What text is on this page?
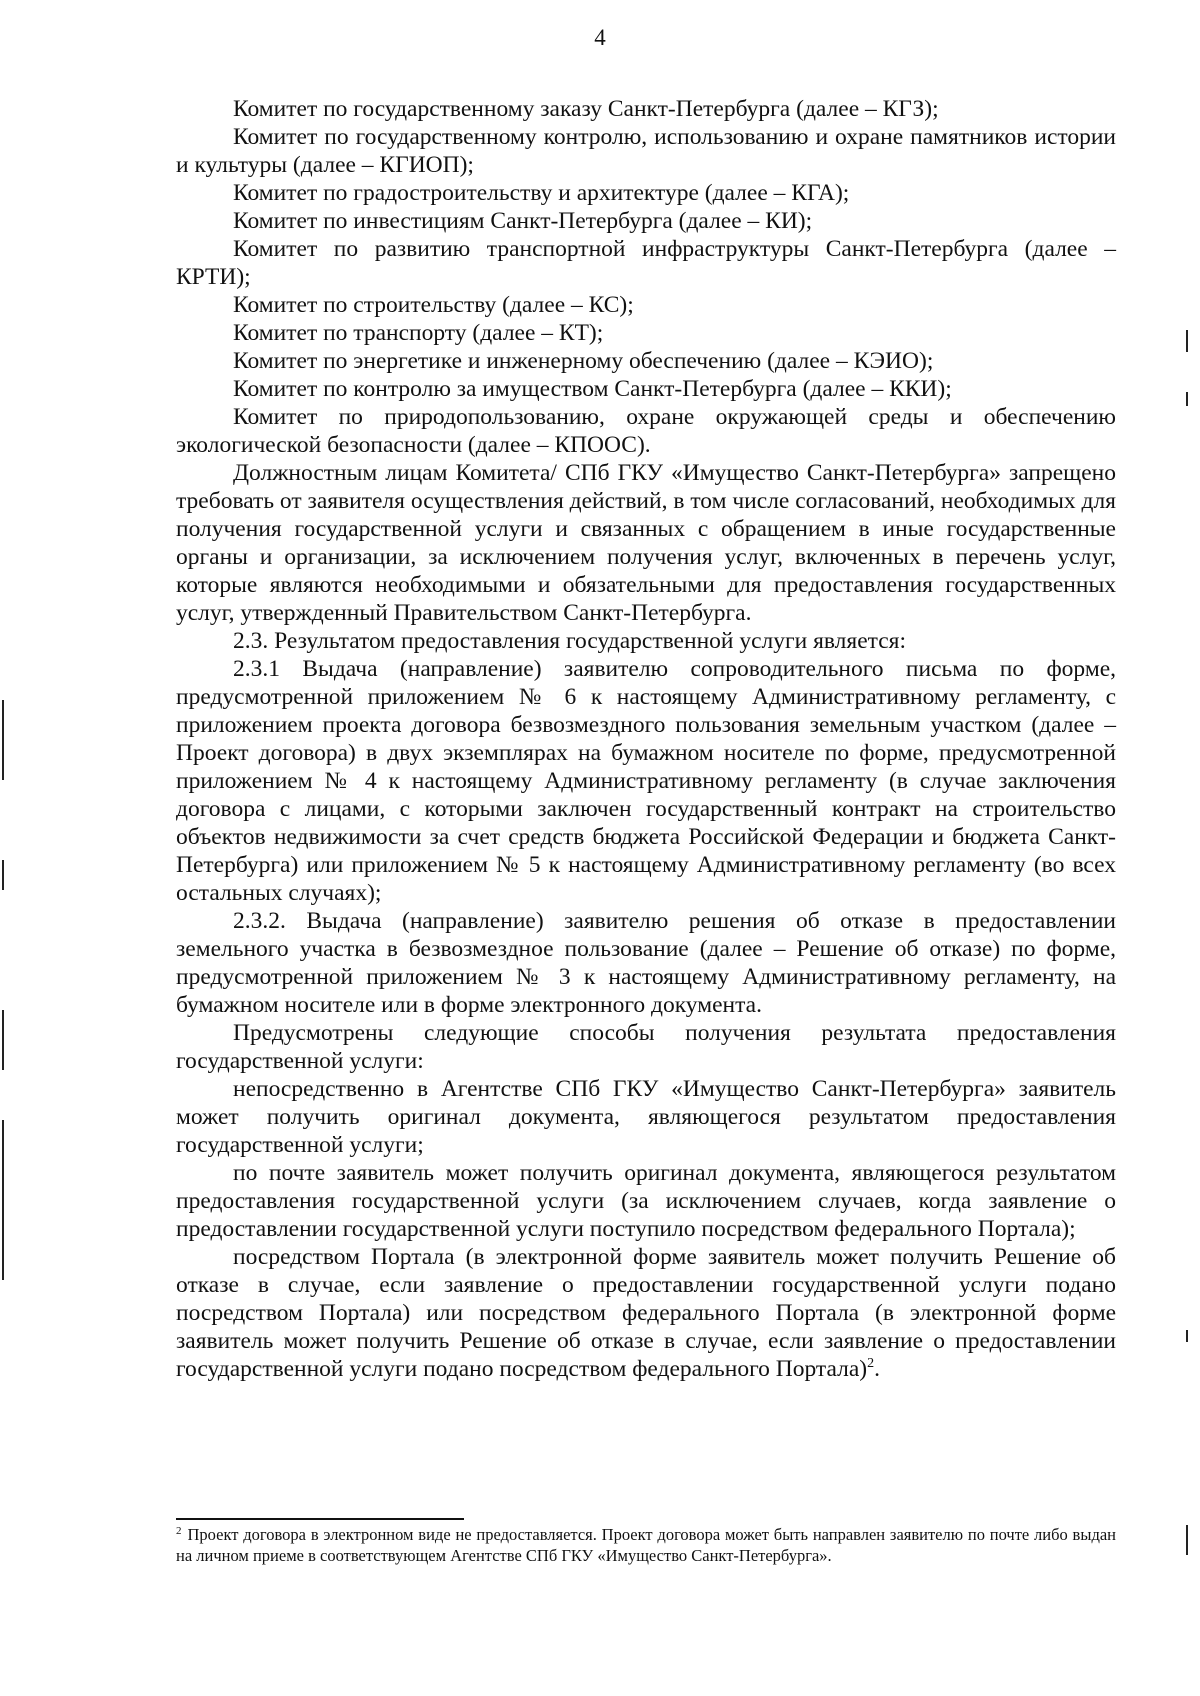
4

Комитет по государственному заказу Санкт-Петербурга (далее – КГЗ);

Комитет по государственному контролю, использованию и охране памятников истории и культуры (далее – КГИОП);

Комитет по градостроительству и архитектуре (далее – КГА);

Комитет по инвестициям Санкт-Петербурга (далее – КИ);

Комитет по развитию транспортной инфраструктуры Санкт-Петербурга (далее – КРТИ);

Комитет по строительству (далее – КС);

Комитет по транспорту (далее – КТ);

Комитет по энергетике и инженерному обеспечению (далее – КЭИО);

Комитет по контролю за имуществом Санкт-Петербурга (далее – ККИ);

Комитет по природопользованию, охране окружающей среды и обеспечению экологической безопасности (далее – КПООС).

Должностным лицам Комитета/ СПб ГКУ «Имущество Санкт-Петербурга» запрещено требовать от заявителя осуществления действий, в том числе согласований, необходимых для получения государственной услуги и связанных с обращением в иные государственные органы и организации, за исключением получения услуг, включенных в перечень услуг, которые являются необходимыми и обязательными для предоставления государственных услуг, утвержденный Правительством Санкт-Петербурга.

2.3. Результатом предоставления государственной услуги является:

2.3.1 Выдача (направление) заявителю сопроводительного письма по форме, предусмотренной приложением № 6 к настоящему Административному регламенту, с приложением проекта договора безвозмездного пользования земельным участком (далее – Проект договора) в двух экземплярах на бумажном носителе по форме, предусмотренной приложением № 4 к настоящему Административному регламенту (в случае заключения договора с лицами, с которыми заключен государственный контракт на строительство объектов недвижимости за счет средств бюджета Российской Федерации и бюджета Санкт-Петербурга) или приложением № 5 к настоящему Административному регламенту (во всех остальных случаях);

2.3.2. Выдача (направление) заявителю решения об отказе в предоставлении земельного участка в безвозмездное пользование (далее – Решение об отказе) по форме, предусмотренной приложением № 3 к настоящему Административному регламенту, на бумажном носителе или в форме электронного документа.

Предусмотрены следующие способы получения результата предоставления государственной услуги:

непосредственно в Агентстве СПб ГКУ «Имущество Санкт-Петербурга» заявитель может получить оригинал документа, являющегося результатом предоставления государственной услуги;

по почте заявитель может получить оригинал документа, являющегося результатом предоставления государственной услуги (за исключением случаев, когда заявление о предоставлении государственной услуги поступило посредством федерального Портала);

посредством Портала (в электронной форме заявитель может получить Решение об отказе в случае, если заявление о предоставлении государственной услуги подано посредством Портала) или посредством федерального Портала (в электронной форме заявитель может получить Решение об отказе в случае, если заявление о предоставлении государственной услуги подано посредством федерального Портала)$^2$.

$^2$ Проект договора в электронном виде не предоставляется. Проект договора может быть направлен заявителю по почте либо выдан на личном приеме в соответствующем Агентстве СПб ГКУ «Имущество Санкт-Петербурга».
